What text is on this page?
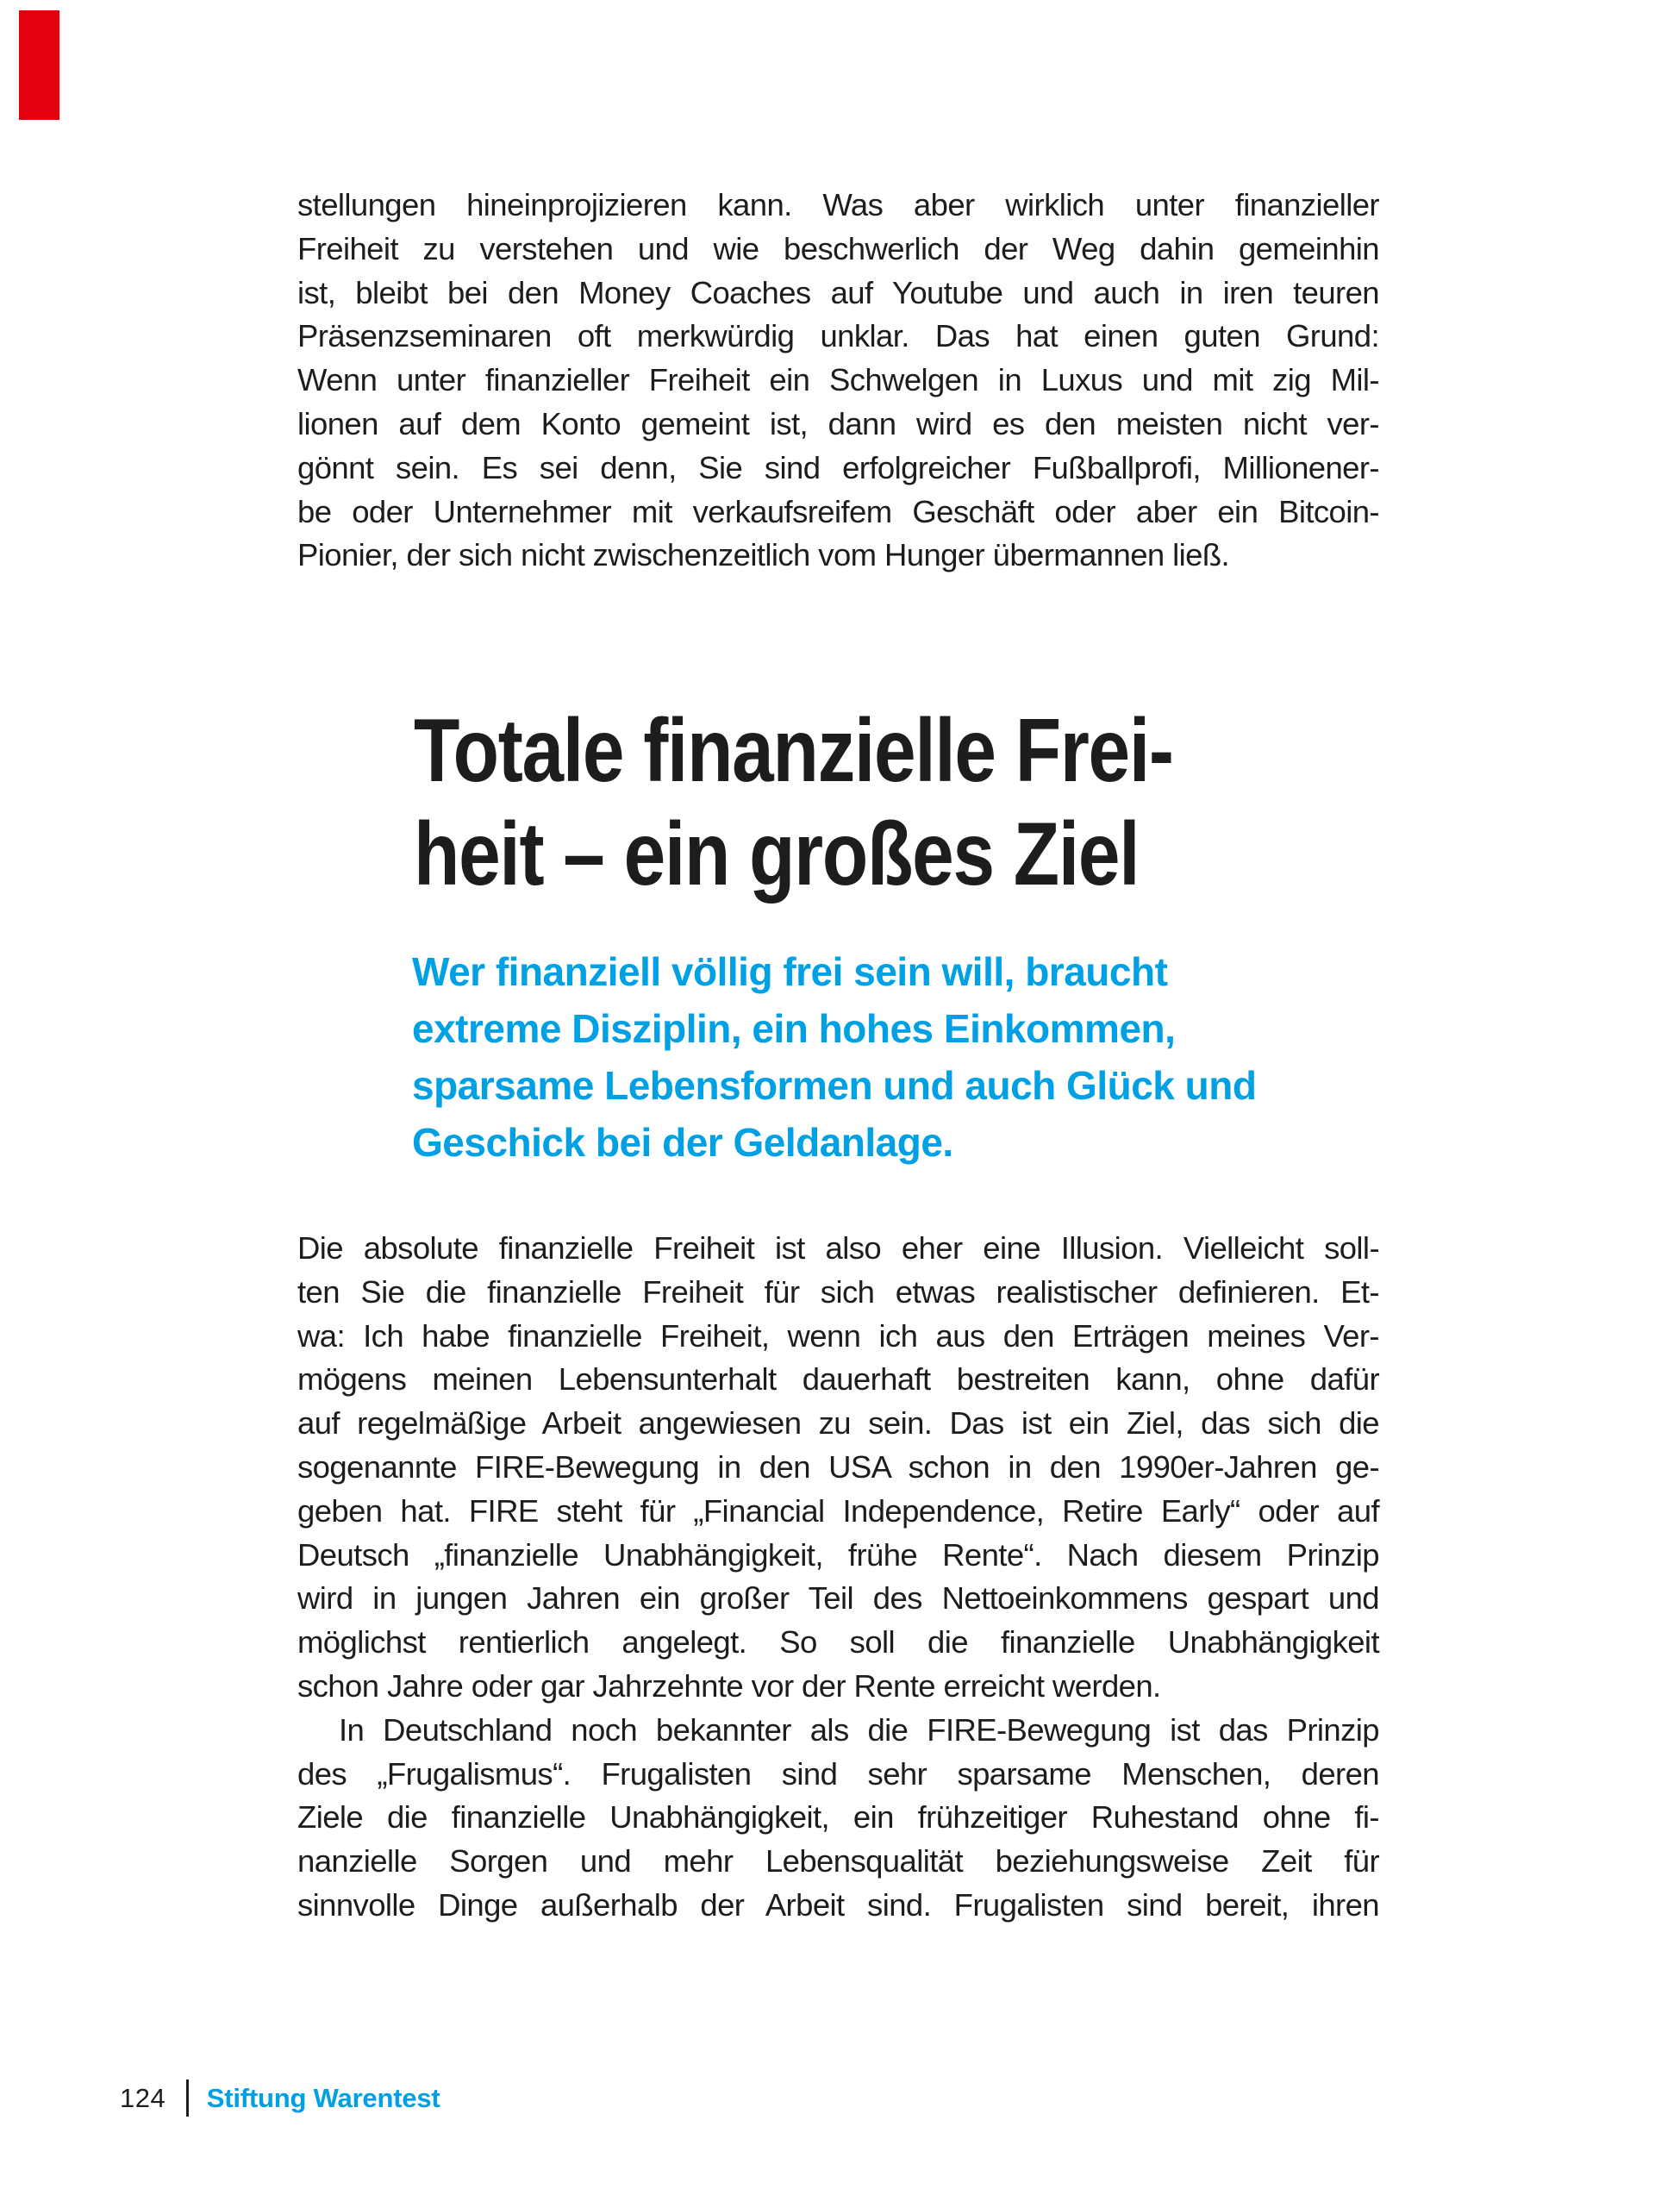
stellungen hineinprojizieren kann. Was aber wirklich unter finanzieller
Freiheit zu verstehen und wie beschwerlich der Weg dahin gemeinhin
ist, bleibt bei den Money Coaches auf Youtube und auch in iren teuren
Präsenzseminaren oft merkwürdig unklar. Das hat einen guten Grund:
Wenn unter finanzieller Freiheit ein Schwelgen in Luxus und mit zig Mil-
lionen auf dem Konto gemeint ist, dann wird es den meisten nicht ver-
gönnt sein. Es sei denn, Sie sind erfolgreicher Fußballprofi, Millionener-
be oder Unternehmer mit verkaufsreifem Geschäft oder aber ein Bitcoin-
Pionier, der sich nicht zwischenzeitlich vom Hunger übermannen ließ.
Totale finanzielle Frei-
heit – ein großes Ziel
Wer finanziell völlig frei sein will, braucht
extreme Disziplin, ein hohes Einkommen,
sparsame Lebensformen und auch Glück und
Geschick bei der Geldanlage.
Die absolute finanzielle Freiheit ist also eher eine Illusion. Vielleicht soll-
ten Sie die finanzielle Freiheit für sich etwas realistischer definieren. Et-
wa: Ich habe finanzielle Freiheit, wenn ich aus den Erträgen meines Ver-
mögens meinen Lebensunterhalt dauerhaft bestreiten kann, ohne dafür
auf regelmäßige Arbeit angewiesen zu sein. Das ist ein Ziel, das sich die
sogenannte FIRE-Bewegung in den USA schon in den 1990er-Jahren ge-
geben hat. FIRE steht für „Financial Independence, Retire Early“ oder auf
Deutsch „finanzielle Unabhängigkeit, frühe Rente“. Nach diesem Prinzip
wird in jungen Jahren ein großer Teil des Nettoeinkommens gespart und
möglichst rentierlich angelegt. So soll die finanzielle Unabhängigkeit
schon Jahre oder gar Jahrzehnte vor der Rente erreicht werden.
In Deutschland noch bekannter als die FIRE-Bewegung ist das Prinzip
des „Frugalismus“. Frugalisten sind sehr sparsame Menschen, deren
Ziele die finanzielle Unabhängigkeit, ein frühzeitiger Ruhestand ohne fi-
nanzielle Sorgen und mehr Lebensqualität beziehungsweise Zeit für
sinnvolle Dinge außerhalb der Arbeit sind. Frugalisten sind bereit, ihren
124 Stiftung Warentest
